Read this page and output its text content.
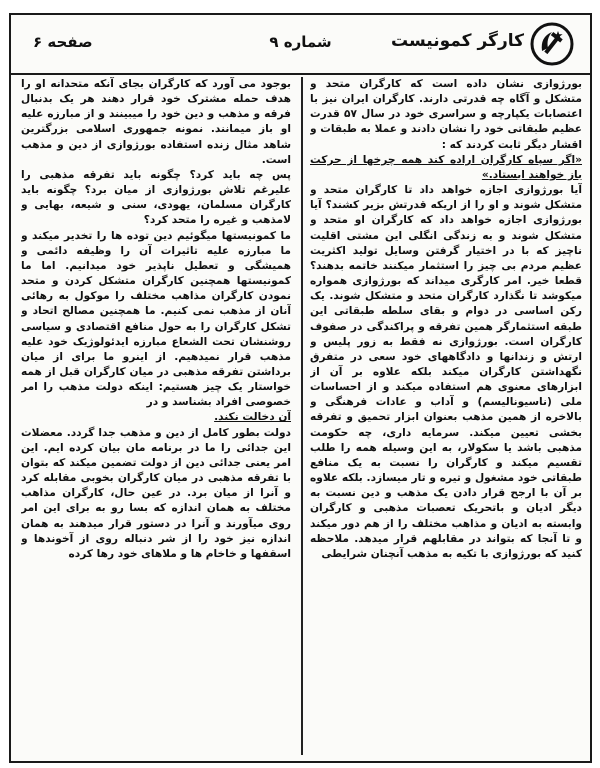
کارگر کمونیست
شماره ۹
صفحه ۶

بورژوازی نشان داده است که کارگران متحد و متشکل و آگاه چه قدرتی دارند. کارگران ایران نیز با اعتصابات یکپارچه و سراسری خود در سال ۵۷ قدرت عظیم طبقاتی خود را نشان دادند و عملا به طبقات و اقشار دیگر ثابت کردند که :

«اگر سپاه کارگران اراده کند همه چرخها از حرکت باز خواهند ایستاد.»

آیا بورژوازی اجازه خواهد داد تا کارگران متحد و متشکل شوند و او را از اریکه قدرتش بزیر کشند؟ آیا بورژوازی اجازه خواهد داد که کارگران او متحد و متشکل شوند و به زندگی انگلی این مشتی اقلیت ناچیز که با در اختیار گرفتن وسایل تولید اکثریت عظیم مردم بی چیز را استثمار میکنند خاتمه بدهند؟ قطعا خیر. امر کارگری میداند که بورژوازی همواره میکوشد تا نگذارد کارگران متحد و متشکل شوند. یک رکن اساسی در دوام و بقای سلطه طبقاتی این طبقه استثمارگر همین تفرقه و پراکندگی در صفوف کارگران است. بورژوازی نه فقط به زور پلیس و ارتش و زندانها و دادگاههای خود سعی در متفرق نگهداشتن کارگران میکند بلکه علاوه بر آن از ابزارهای معنوی هم استفاده میکند و از احساسات ملی (ناسیونالیسم) و آداب و عادات فرهنگی و بالاخره از همین مذهب بعنوان ابزار تحمیق و تفرقه بخشی تعیین میکند. سرمایه داری، چه حکومت مذهبی باشد یا سکولار، به این وسیله همه را طلب تقسیم میکند و کارگران را نسبت به یک منافع طبقاتی خود مشغول و تیره و تار میسازد. بلکه علاوه بر آن با ارجح قرار دادن یک مذهب و دین نسبت به دیگر ادیان و باتحریک تعصبات مذهبی و کارگران وابسته به ادیان و مذاهب مختلف را از هم دور میکند و تا آنجا که بتواند در مقابلهم قرار میدهد. ملاحظه کنید که بورژوازی با تکیه به مذهب آنچنان شرایطی

بوجود می آورد که کارگران بجای آنکه متحدانه او را هدف حمله مشترک خود قرار دهند هر یک بدنبال فرقه و مذهب و دین خود را میبینند و از مبارزه علیه او باز میمانند. نمونه جمهوری اسلامی بزرگترین شاهد مثال زنده استفاده بورژوازی از دین و مذهب است.

پس چه باید کرد؟ چگونه باید تفرقه مذهبی را علیرغم تلاش بورژوازی از میان برد؟ چگونه باید کارگران مسلمان، یهودی، سنی و شیعه، بهایی و لامذهب و غیره را متحد کرد؟

ما کمونیستها میگوئیم دین توده ها را تخدیر میکند و ما مبارزه علیه تاثیرات آن را وظیفه دائمی و همیشگی و تعطیل ناپذیر خود میدانیم. اما ما کمونیستها همچنین کارگران متشکل کردن و متحد نمودن کارگران مذاهب مختلف را موکول به رهائی آنان از مذهب نمی کنیم. ما همچنین مصالح اتحاد و تشکل کارگران را به حول منافع اقتصادی و سیاسی روشنشان تحت الشعاع مبارزه ایدئولوژیک خود علیه مذهب قرار نمیدهیم. از اینرو ما برای از میان برداشتن تفرقه مذهبی در میان کارگران قبل از همه خواستار یک چیز هستیم: اینکه دولت مذهب را امر خصوصی افراد بشناسد و در

آن دخالت نکند.

دولت بطور کامل از دین و مذهب جدا گردد. معضلات این جدائی را ما در برنامه مان بیان کرده ایم. این امر یعنی جدائی دین از دولت تضمین میکند که بتوان با تفرقه مذهبی در میان کارگران بخوبی مقابله کرد و آنرا از میان برد. در عین حال، کارگران مذاهب مختلف به همان اندازه که بسا رو به برای این امر روی میآورند و آنرا در دستور قرار میدهند به همان اندازه نیز خود را از شر دنباله روی از آخوندها و اسقفها و خاخام ها و ملاهای خود رها کرده
